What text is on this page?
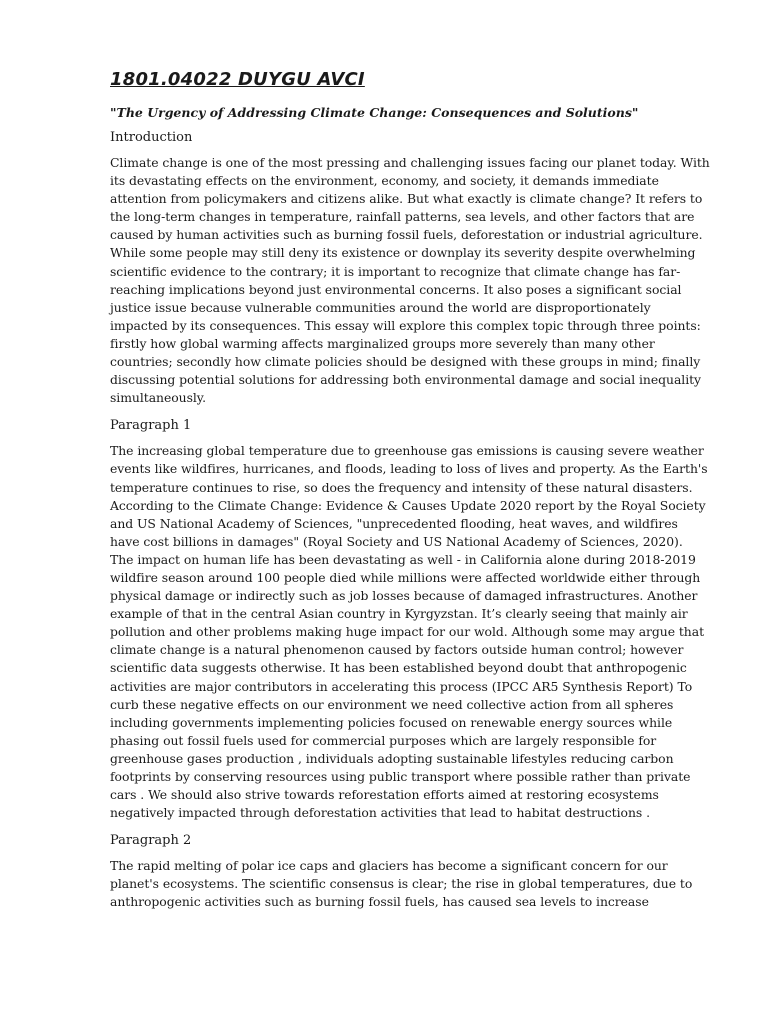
1801.04022 DUYGU AVCI
"The Urgency of Addressing Climate Change: Consequences and Solutions"
Introduction

Climate change is one of the most pressing and challenging issues facing our planet today. With its devastating effects on the environment, economy, and society, it demands immediate attention from policymakers and citizens alike. But what exactly is climate change? It refers to the long-term changes in temperature, rainfall patterns, sea levels, and other factors that are caused by human activities such as burning fossil fuels, deforestation or industrial agriculture. While some people may still deny its existence or downplay its severity despite overwhelming scientific evidence to the contrary; it is important to recognize that climate change has far-reaching implications beyond just environmental concerns. It also poses a significant social justice issue because vulnerable communities around the world are disproportionately impacted by its consequences. This essay will explore this complex topic through three points: firstly how global warming affects marginalized groups more severely than many other countries; secondly how climate policies should be designed with these groups in mind; finally discussing potential solutions for addressing both environmental damage and social inequality simultaneously.

Paragraph 1

The increasing global temperature due to greenhouse gas emissions is causing severe weather events like wildfires, hurricanes, and floods, leading to loss of lives and property. As the Earth's temperature continues to rise, so does the frequency and intensity of these natural disasters. According to the Climate Change: Evidence & Causes Update 2020 report by the Royal Society and US National Academy of Sciences, "unprecedented flooding, heat waves, and wildfires have cost billions in damages" (Royal Society and US National Academy of Sciences, 2020). The impact on human life has been devastating as well - in California alone during 2018-2019 wildfire season around 100 people died while millions were affected worldwide either through physical damage or indirectly such as job losses because of damaged infrastructures. Another example of that in the central Asian country in Kyrgyzstan. It’s clearly seeing that mainly air pollution and other problems making huge impact for our wold. Although some may argue that climate change is a natural phenomenon caused by factors outside human control; however scientific data suggests otherwise. It has been established beyond doubt that anthropogenic activities are major contributors in accelerating this process (IPCC AR5 Synthesis Report) To curb these negative effects on our environment we need collective action from all spheres including governments implementing policies focused on renewable energy sources while phasing out fossil fuels used for commercial purposes which are largely responsible for greenhouse gases production , individuals adopting sustainable lifestyles reducing carbon footprints by conserving resources using public transport where possible rather than private cars . We should also strive towards reforestation efforts aimed at restoring ecosystems negatively impacted through deforestation activities that lead to habitat destructions .

Paragraph 2

The rapid melting of polar ice caps and glaciers has become a significant concern for our planet's ecosystems. The scientific consensus is clear; the rise in global temperatures, due to anthropogenic activities such as burning fossil fuels, has caused sea levels to increase
